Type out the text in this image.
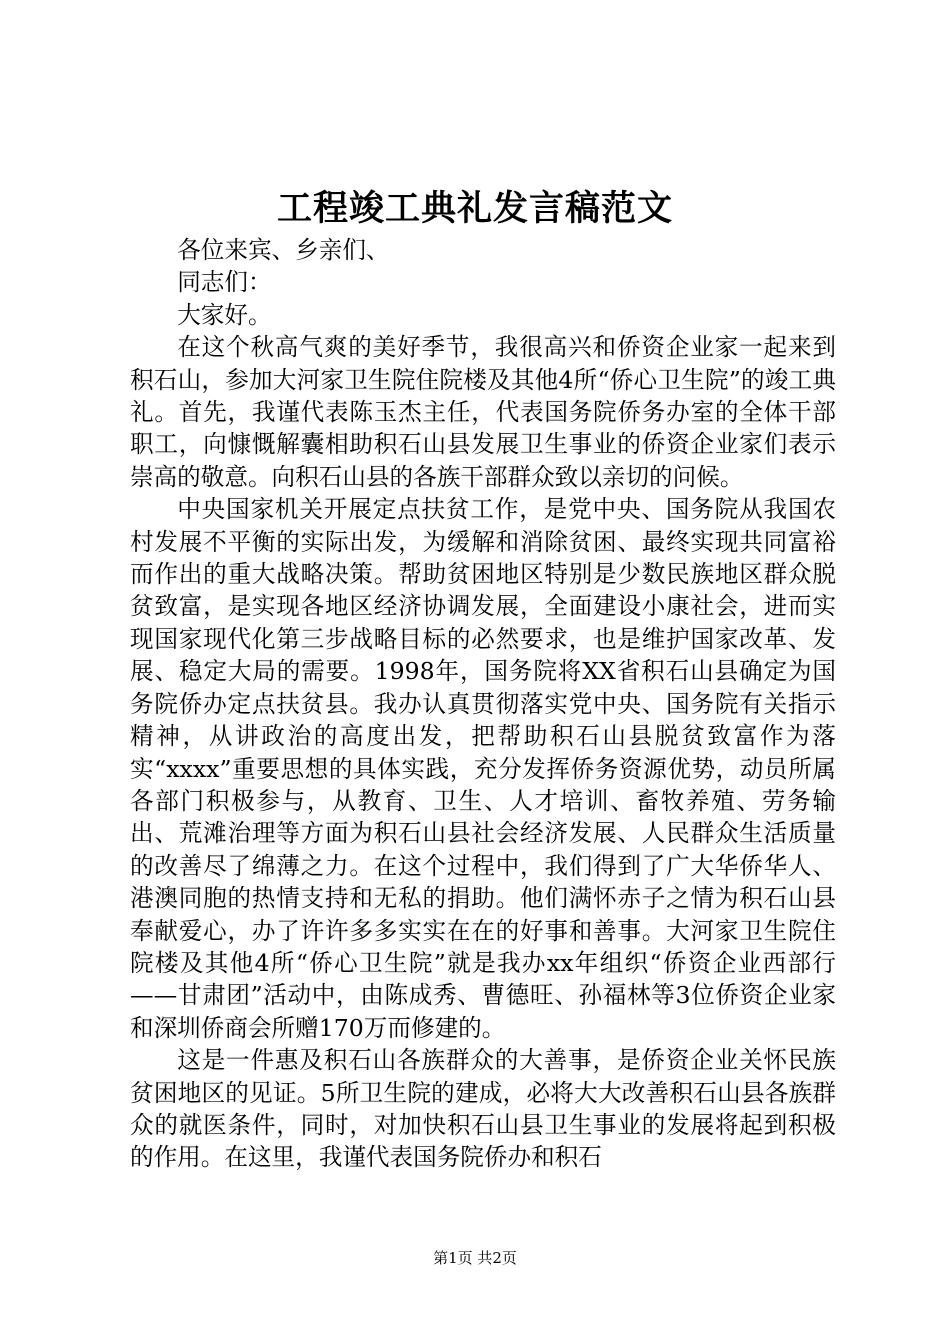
工程竣工典礼发言稿范文

各位来宾、乡亲们、

同志们：

大家好。

在这个秋高气爽的美好季节，我很高兴和侨资企业家一起来到积石山，参加大河家卫生院住院楼及其他4所“侨心卫生院”的竣工典礼。首先，我谨代表陈玉杰主任，代表国务院侨务办室的全体干部职工，向慷慨解囊相助积石山县发展卫生事业的侨资企业家们表示崇高的敬意。向积石山县的各族干部群众致以亲切的问候。

中央国家机关开展定点扶贫工作，是党中央、国务院从我国农村发展不平衡的实际出发，为缓解和消除贫困、最终实现共同富裕而作出的重大战略决策。帮助贫困地区特别是少数民族地区群众脱贫致富，是实现各地区经济协调发展，全面建设小康社会，进而实现国家现代化第三步战略目标的必然要求，也是维护国家改革、发展、稳定大局的需要。1998年，国务院将XX省积石山县确定为国务院侨办定点扶贫县。我办认真贯彻落实党中央、国务院有关指示精神，从讲政治的高度出发，把帮助积石山县脱贫致富作为落实“xxxx”重要思想的具体实践，充分发挥侨务资源优势，动员所属各部门积极参与，从教育、卫生、人才培训、畜牧养殖、劳务输出、荒滩治理等方面为积石山县社会经济发展、人民群众生活质量的改善尽了绵薄之力。在这个过程中，我们得到了广大华侨华人、港澳同胞的热情支持和无私的捐助。他们满怀赤子之情为积石山县奉献爱心，办了许许多多实实在在的好事和善事。大河家卫生院住院楼及其他4所“侨心卫生院”就是我办xx年组织“侨资企业西部行——甘肃团”活动中，由陈成秀、曹德旺、孙福林等3位侨资企业家和深圳侨商会所赠170万而修建的。

这是一件惠及积石山各族群众的大善事，是侨资企业关怀民族贫困地区的见证。5所卫生院的建成，必将大大改善积石山县各族群众的就医条件，同时，对加快积石山县卫生事业的发展将起到积极的作用。在这里，我谨代表国务院侨办和积石

第1页 共2页
